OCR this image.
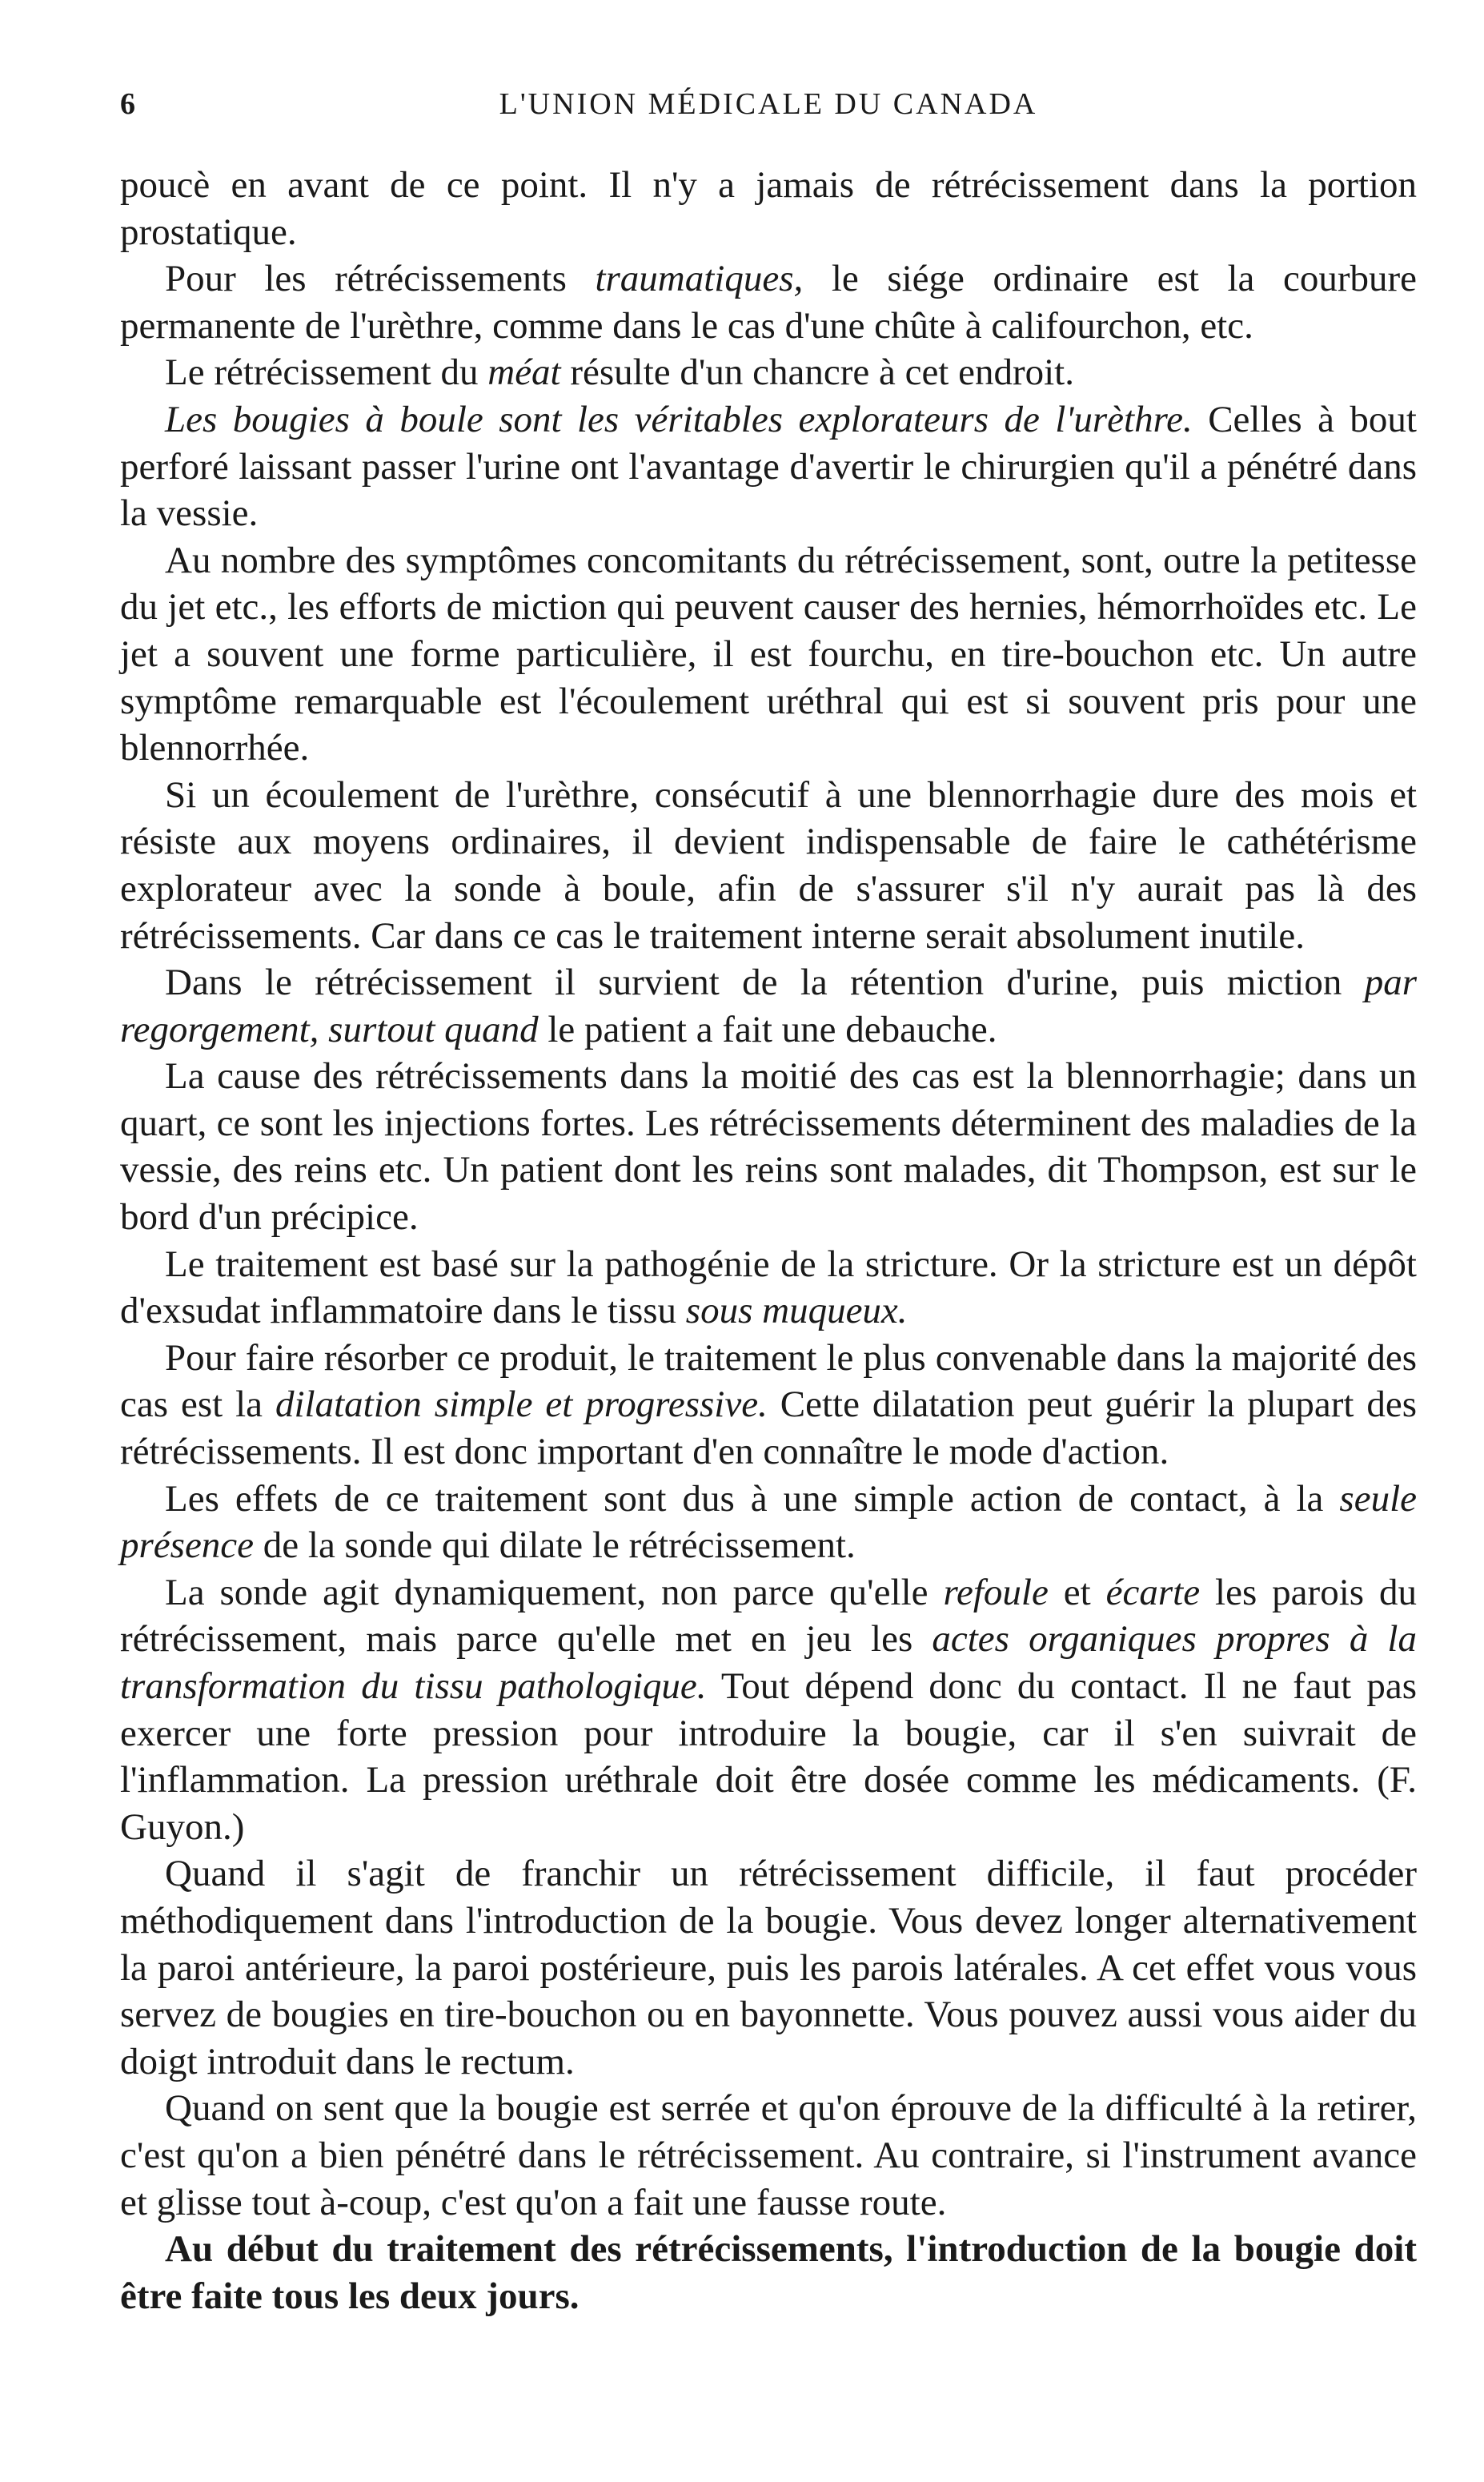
6	L'UNION MÉDICALE DU CANADA

poucè en avant de ce point. Il n'y a jamais de rétrécissement dans la portion prostatique.

Pour les rétrécissements traumatiques, le siége ordinaire est la courbure permanente de l'urèthre, comme dans le cas d'une chûte à califourchon, etc.

Le rétrécissement du méat résulte d'un chancre à cet endroit.

Les bougies à boule sont les véritables explorateurs de l'urèthre. Celles à bout perforé laissant passer l'urine ont l'avantage d'avertir le chirurgien qu'il a pénétré dans la vessie.

Au nombre des symptômes concomitants du rétrécissement, sont, outre la petitesse du jet etc., les efforts de miction qui peuvent causer des hernies, hémorrhoïdes etc. Le jet a souvent une forme particulière, il est fourchu, en tire-bouchon etc. Un autre symptôme remarquable est l'écoulement uréthral qui est si souvent pris pour une blennorrhée.

Si un écoulement de l'urèthre, consécutif à une blennorrhagie dure des mois et résiste aux moyens ordinaires, il devient indispensable de faire le cathétérisme explorateur avec la sonde à boule, afin de s'assurer s'il n'y aurait pas là des rétrécissements. Car dans ce cas le traitement interne serait absolument inutile.

Dans le rétrécissement il survient de la rétention d'urine, puis miction par regorgement, surtout quand le patient a fait une debauche.

La cause des rétrécissements dans la moitié des cas est la blennorrhagie; dans un quart, ce sont les injections fortes. Les rétrécissements déterminent des maladies de la vessie, des reins etc. Un patient dont les reins sont malades, dit Thompson, est sur le bord d'un précipice.

Le traitement est basé sur la pathogénie de la stricture. Or la stricture est un dépôt d'exsudat inflammatoire dans le tissu sous muqueux.

Pour faire résorber ce produit, le traitement le plus convenable dans la majorité des cas est la dilatation simple et progressive. Cette dilatation peut guérir la plupart des rétrécissements. Il est donc important d'en connaître le mode d'action.

Les effets de ce traitement sont dus à une simple action de contact, à la seule présence de la sonde qui dilate le rétrécissement.

La sonde agit dynamiquement, non parce qu'elle refoule et écarte les parois du rétrécissement, mais parce qu'elle met en jeu les actes organiques propres à la transformation du tissu pathologique. Tout dépend donc du contact. Il ne faut pas exercer une forte pression pour introduire la bougie, car il s'en suivrait de l'inflammation. La pression uréthrale doit être dosée comme les médicaments. (F. Guyon.)

Quand il s'agit de franchir un rétrécissement difficile, il faut procéder méthodiquement dans l'introduction de la bougie. Vous devez longer alternativement la paroi antérieure, la paroi postérieure, puis les parois latérales. A cet effet vous vous servez de bougies en tire-bouchon ou en bayonnette. Vous pouvez aussi vous aider du doigt introduit dans le rectum.

Quand on sent que la bougie est serrée et qu'on éprouve de la difficulté à la retirer, c'est qu'on a bien pénétré dans le rétrécissement. Au contraire, si l'instrument avance et glisse tout à-coup, c'est qu'on a fait une fausse route.

Au début du traitement des rétrécissements, l'introduction de la bougie doit être faite tous les deux jours.
